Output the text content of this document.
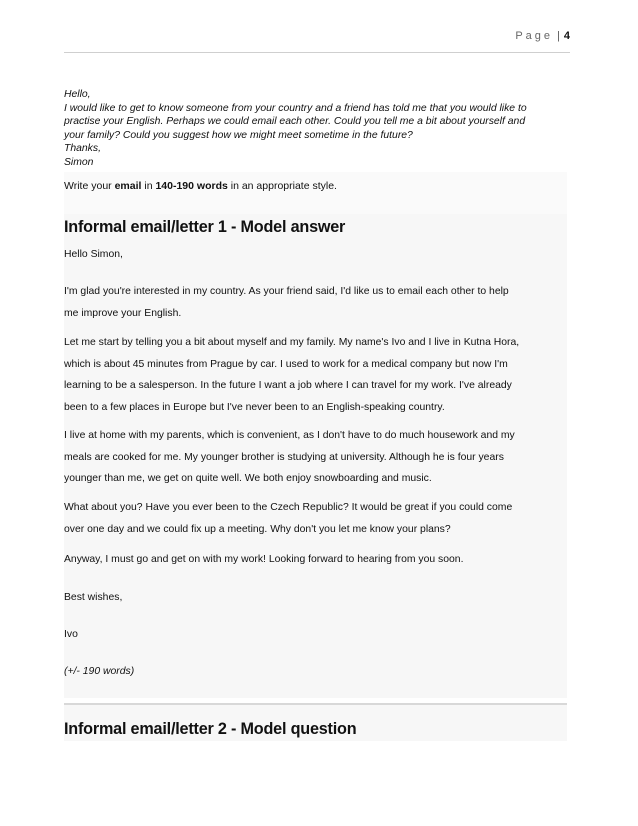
Page | 4
Hello,
I would like to get to know someone from your country and a friend has told me that you would like to
practise your English. Perhaps we could email each other. Could you tell me a bit about yourself and
your family? Could you suggest how we might meet sometime in the future?
Thanks,
Simon
Write your email in 140-190 words in an appropriate style.
Informal email/letter 1 - Model answer
Hello Simon,
I'm glad you're interested in my country. As your friend said, I'd like us to email each other to help
me improve your English.
Let me start by telling you a bit about myself and my family. My name's Ivo and I live in Kutna Hora,
which is about 45 minutes from Prague by car. I used to work for a medical company but now I'm
learning to be a salesperson. In the future I want a job where I can travel for my work. I've already
been to a few places in Europe but I've never been to an English-speaking country.
I live at home with my parents, which is convenient, as I don't have to do much housework and my
meals are cooked for me. My younger brother is studying at university. Although he is four years
younger than me, we get on quite well. We both enjoy snowboarding and music.
What about you? Have you ever been to the Czech Republic? It would be great if you could come
over one day and we could fix up a meeting. Why don't you let me know your plans?
Anyway, I must go and get on with my work! Looking forward to hearing from you soon.
Best wishes,
Ivo
(+/- 190 words)
Informal email/letter 2 - Model question
